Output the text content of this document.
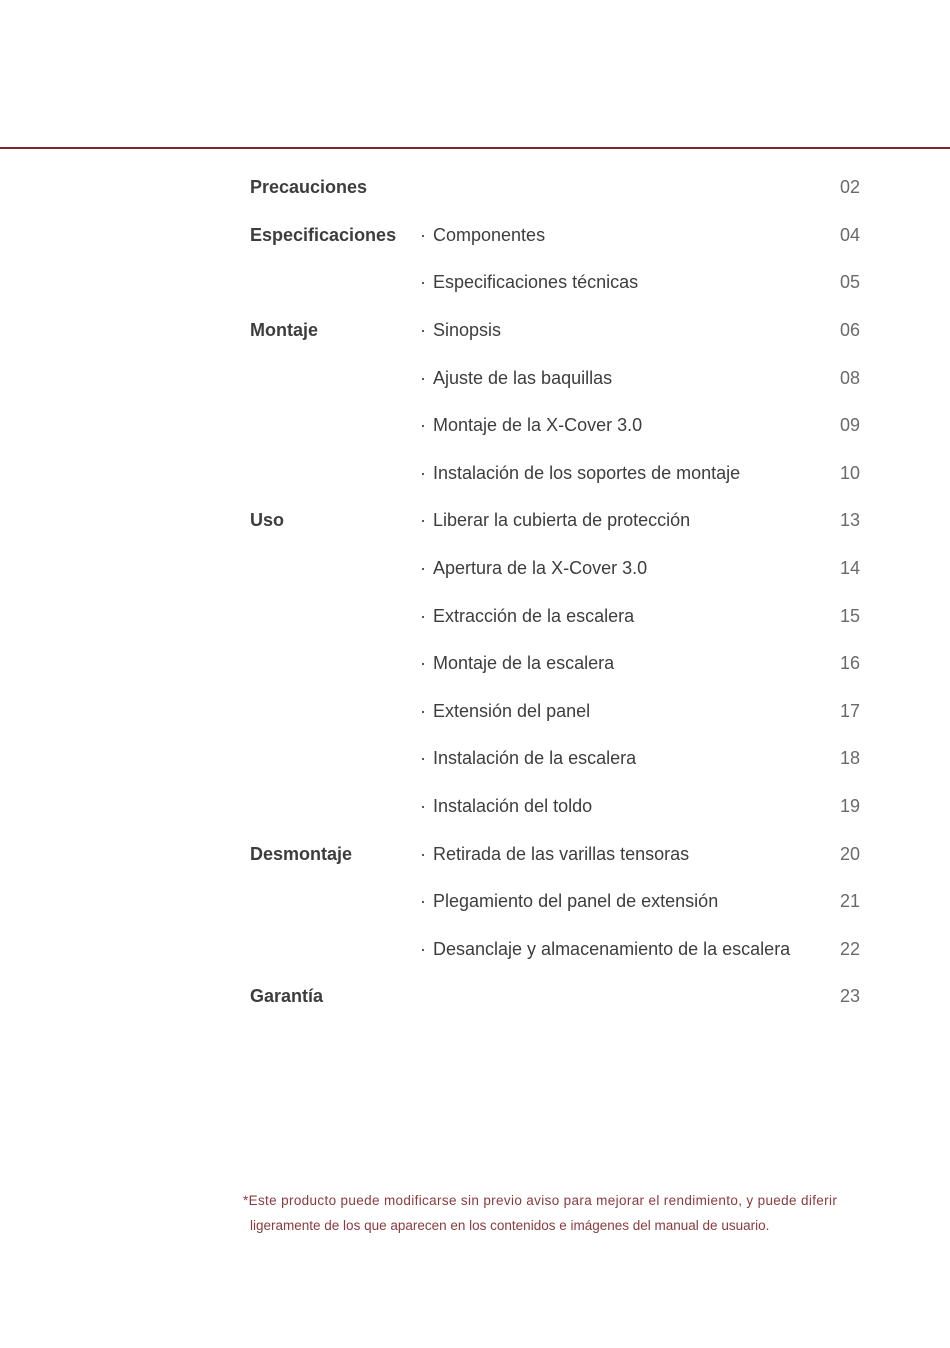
Precauciones	02
Especificaciones	· Componentes	04
· Especificaciones técnicas	05
Montaje	· Sinopsis	06
· Ajuste de las baquillas	08
· Montaje de la X-Cover 3.0	09
· Instalación de los soportes de montaje	10
Uso	· Liberar la cubierta de protección	13
· Apertura de la X-Cover 3.0	14
· Extracción de la escalera	15
· Montaje de la escalera	16
· Extensión del panel	17
· Instalación de la escalera	18
· Instalación del toldo	19
Desmontaje	· Retirada de las varillas tensoras	20
· Plegamiento del panel de extensión	21
· Desanclaje y almacenamiento de la escalera	22
Garantía	23
*Este producto puede modificarse sin previo aviso para mejorar el rendimiento, y puede diferir
ligeramente de los que aparecen en los contenidos e imágenes del manual de usuario.
